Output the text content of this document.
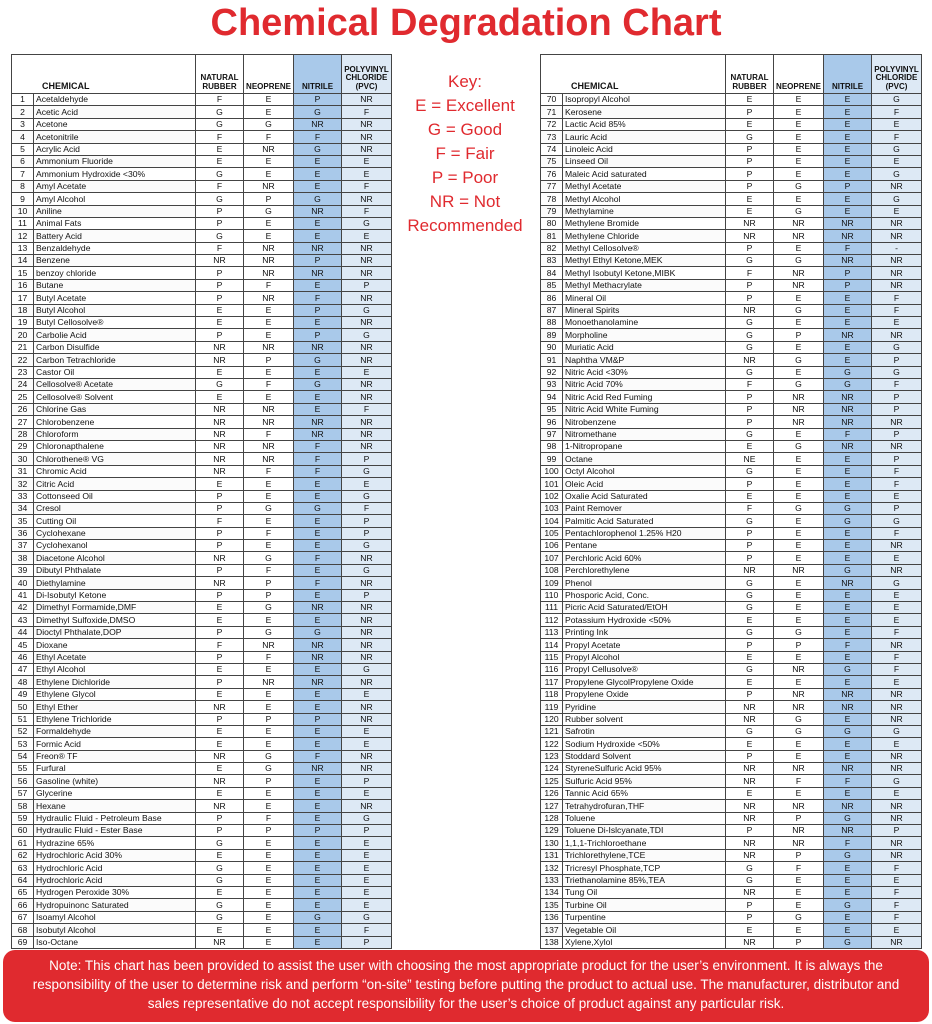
Chemical Degradation Chart
CHEMICAL		NATURAL
RUBBER	NEOPRENE	NITRILE	POLYVINYL
CHLORIDE
(PVC)
1	Acetaldehyde	F	E	P	NR
2	Acetic Acid	G	E	G	F
3	Acetone	G	G	NR	NR
4	Acetonitrile	F	F	F	NR
5	Acrylic Acid	E	NR	G	NR
6	Ammonium Fluoride	E	E	E	E
7	Ammonium Hydroxide <30%	G	E	E	E
8	Amyl Acetate	F	NR	E	F
9	Amyl Alcohol	G	P	G	NR
10	Aniline	P	G	NR	F
11	Animal Fats	P	E	E	G
12	Battery Acid	G	E	E	E
13	Benzaldehyde	F	NR	NR	NR
14	Benzene	NR	NR	P	NR
15	benzoy chloride	P	NR	NR	NR
16	Butane	P	F	E	P
17	Butyl Acetate	P	NR	F	NR
18	Butyl Alcohol	E	E	P	G
19	Butyl Cellosolve®	E	E	E	NR
20	Carbolie Acid	P	E	P	G
21	Carbon Disulfide	NR	NR	NR	NR
22	Carbon Tetrachloride	NR	P	G	NR
23	Castor Oil	E	E	E	E
24	Cellosolve® Acetate	G	F	G	NR
25	Cellosolve® Solvent	E	E	E	NR
26	Chlorine Gas	NR	NR	E	F
27	Chlorobenzene	NR	NR	NR	NR
28	Chloroform	NR	F	NR	NR
29	Chloronapthalene	NR	NR	F	NR
30	Chlorothene® VG	NR	NR	F	P
31	Chromic Acid	NR	F	F	G
32	Citric Acid	E	E	E	E
33	Cottonseed Oil	P	E	E	G
34	Cresol	P	G	G	F
35	Cutting Oil	F	E	E	P
36	Cyclohexane	P	F	E	P
37	Cyclohexanol	P	E	E	G
38	Diacetone Alcohol	NR	G	F	NR
39	Dibutyl Phthalate	P	F	E	G
40	Diethylamine	NR	P	F	NR
41	Di-Isobutyl Ketone	P	P	E	P
42	Dimethyl Formamide,DMF	E	G	NR	NR
43	Dimethyl Sulfoxide,DMSO	E	E	E	NR
44	Dioctyl Phthalate,DOP	P	G	G	NR
45	Dioxane	F	NR	NR	NR
46	Ethyl Acetate	P	F	NR	NR
47	Ethyl Alcohol	E	E	E	G
48	Ethylene Dichloride	P	NR	NR	NR
49	Ethylene Glycol	E	E	E	E
50	Ethyl Ether	NR	E	E	NR
51	Ethylene Trichloride	P	P	P	NR
52	Formaldehyde	E	E	E	E
53	Formic Acid	E	E	E	E
54	Freon® TF	NR	G	F	NR
55	Furfural	E	G	NR	NR
56	Gasoline (white)	NR	P	E	P
57	Glycerine	E	E	E	E
58	Hexane	NR	E	E	NR
59	Hydraulic Fluid - Petroleum Base	P	F	E	G
60	Hydraulic Fluid - Ester Base	P	P	P	P
61	Hydrazine 65%	G	E	E	E
62	Hydrochloric Acid 30%	E	E	E	E
63	Hydrochloric Acid	G	E	E	E
64	Hydrochloric Acid	G	E	E	E
65	Hydrogen Peroxide 30%	E	E	E	E
66	Hydropuinonc Saturated	G	E	E	E
67	Isoamyl Alcohol	G	E	G	G
68	Isobutyl Alcohol	E	E	E	F
69	Iso-Octane	NR	E	E	P
CHEMICAL		NATURAL
RUBBER	NEOPRENE	NITRILE	POLYVINYL
CHLORIDE
(PVC)
70	Isopropyl Alcohol	E	E	E	G
71	Kerosene	P	E	E	F
72	Lactic Acid 85%	E	E	E	E
73	Lauric Acid	G	E	E	F
74	Linoleic Acid	P	E	E	G
75	Linseed Oil	P	E	E	E
76	Maleic Acid saturated	P	E	E	G
77	Methyl Acetate	P	G	P	NR
78	Methyl Alcohol	E	E	E	G
79	Methylamine	E	G	E	E
80	Methylene Bromide	NR	NR	NR	NR
81	Methylene Chloride	NR	NR	NR	NR
82	Methyl Cellosolve®	P	E	F	-
83	Methyl Ethyl Ketone,MEK	G	G	NR	NR
84	Methyl Isobutyl Ketone,MIBK	F	NR	P	NR
85	Methyl Methacrylate	P	NR	P	NR
86	Mineral Oil	P	E	E	F
87	Mineral Spirits	NR	G	E	F
88	Monoethanolamine	G	E	E	E
89	Morpholine	G	P	NR	NR
90	Muriatic Acid	G	E	E	G
91	Naphtha VM&P	NR	G	E	P
92	Nitric Acid <30%	G	E	G	G
93	Nitric Acid 70%	F	G	G	F
94	Nitric Acid Red Fuming	P	NR	NR	P
95	Nitric Acid White Fuming	P	NR	NR	P
96	Nitrobenzene	P	NR	NR	NR
97	Nitromethane	G	E	F	P
98	1-Nitropropane	E	G	NR	NR
99	Octane	NE	E	E	P
100	Octyl Alcohol	G	E	E	F
101	Oleic Acid	P	E	E	F
102	Oxalie Acid Saturated	E	E	E	E
103	Paint Remover	F	G	G	P
104	Palmitic Acid Saturated	G	E	G	G
105	Pentachlorophenol 1.25% H20	P	E	E	F
106	Pentane	P	E	E	NR
107	Perchloric Acid 60%	P	E	E	E
108	Perchlorethylene	NR	NR	G	NR
109	Phenol	G	E	NR	G
110	Phosporic Acid, Conc.	G	E	E	E
111	Picric Acid Saturated/EtOH	G	E	E	E
112	Potassium Hydroxide <50%	E	E	E	E
113	Printing Ink	G	G	E	F
114	Propyl Acetate	P	P	F	NR
115	Propyl Alcohol	E	E	E	F
116	Propyl Cellusolve®	G	NR	G	F
117	Propylene GlycolPropylene Oxide	E	E	E	E
118	Propylene Oxide	P	NR	NR	NR
119	Pyridine	NR	NR	NR	NR
120	Rubber solvent	NR	G	E	NR
121	Safrotin	G	G	G	G
122	Sodium Hydroxide <50%	E	E	E	E
123	Stoddard Solvent	P	E	E	NR
124	StyreneSulfuric Acid 95%	NR	NR	NR	NR
125	Sulfuric Acid 95%	NR	F	F	G
126	Tannic Acid 65%	E	E	E	E
127	Tetrahydrofuran,THF	NR	NR	NR	NR
128	Toluene	NR	P	G	NR
129	Toluene Di-Islcyanate,TDI	P	NR	NR	P
130	1,1,1-Trichloroethane	NR	NR	F	NR
131	Trichlorethylene,TCE	NR	P	G	NR
132	Tricresyl Phosphate,TCP	G	F	E	F
133	Triethanolamine 85%,TEA	G	E	E	E
134	Tung Oil	NR	E	E	F
135	Turbine Oil	P	E	G	F
136	Turpentine	P	G	E	F
137	Vegetable Oil	E	E	E	E
138	Xylene,Xylol	NR	P	G	NR
Key:
E = Excellent
G = Good
F = Fair
P = Poor
NR = Not
Recommended
Note: This chart has been provided to assist the user with choosing the most appropriate product for the user’s environment. It is always the responsibility of the user to determine risk and perform “on-site” testing before putting the product to actual use. The manufacturer, distributor and sales representative do not accept responsibility for the user’s choice of product against any particular risk.
